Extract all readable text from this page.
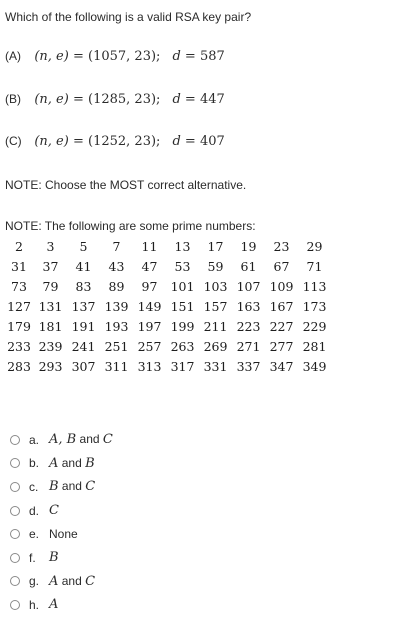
Which of the following is a valid RSA key pair?
(A) (n, e) = (1057, 23); d = 587
(B) (n, e) = (1285, 23); d = 447
(C) (n, e) = (1252, 23); d = 407
NOTE: Choose the MOST correct alternative.
NOTE: The following are some prime numbers:
2	3	5	7	11	13	17	19	23	29
31	37	41	43	47	53	59	61	67	71
73	79	83	89	97	101	103	107	109	113
127	131	137	139	149	151	157	163	167	173
179	181	191	193	197	199	211	223	227	229
233	239	241	251	257	263	269	271	277	281
283	293	307	311	313	317	331	337	347	349
a. A, B and C
b. A and B
c. B and C
d. C
e. None
f.	B
g. A and C
h. A
